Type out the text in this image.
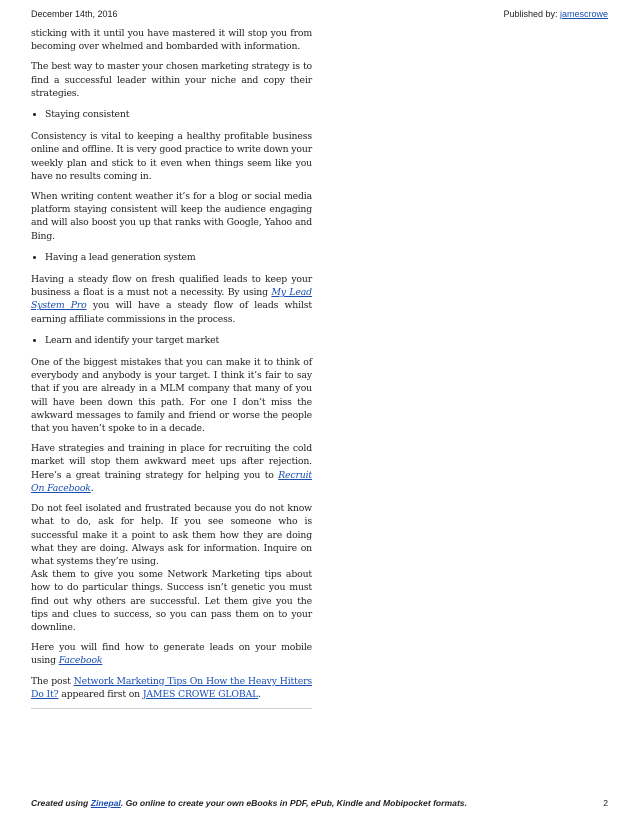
December 14th, 2016	Published by: jamescrowe

sticking with it until you have mastered it will stop you from becoming over whelmed and bombarded with information.

The best way to master your chosen marketing strategy is to find a successful leader within your niche and copy their strategies.

• Staying consistent

Consistency is vital to keeping a healthy profitable business online and offline. It is very good practice to write down your weekly plan and stick to it even when things seem like you have no results coming in.

When writing content weather it’s for a blog or social media platform staying consistent will keep the audience engaging and will also boost you up that ranks with Google, Yahoo and Bing.

• Having a lead generation system

Having a steady flow on fresh qualified leads to keep your business a float is a must not a necessity. By using My Lead System Pro you will have a steady flow of leads whilst earning affiliate commissions in the process.

• Learn and identify your target market

One of the biggest mistakes that you can make it to think of everybody and anybody is your target. I think it’s fair to say that if you are already in a MLM company that many of you will have been down this path. For one I don’t miss the awkward messages to family and friend or worse the people that you haven’t spoke to in a decade.

Have strategies and training in place for recruiting the cold market will stop them awkward meet ups after rejection. Here’s a great training strategy for helping you to Recruit On Facebook.

Do not feel isolated and frustrated because you do not know what to do, ask for help. If you see someone who is successful make it a point to ask them how they are doing what they are doing. Always ask for information. Inquire on what systems they’re using.

Ask them to give you some Network Marketing tips about how to do particular things. Success isn’t genetic you must find out why others are successful. Let them give you the tips and clues to success, so you can pass them on to your downline.

Here you will find how to generate leads on your mobile using Facebook

The post Network Marketing Tips On How the Heavy Hitters Do It? appeared first on JAMES CROWE GLOBAL.

Created using Zinepal. Go online to create your own eBooks in PDF, ePub, Kindle and Mobipocket formats.	2
